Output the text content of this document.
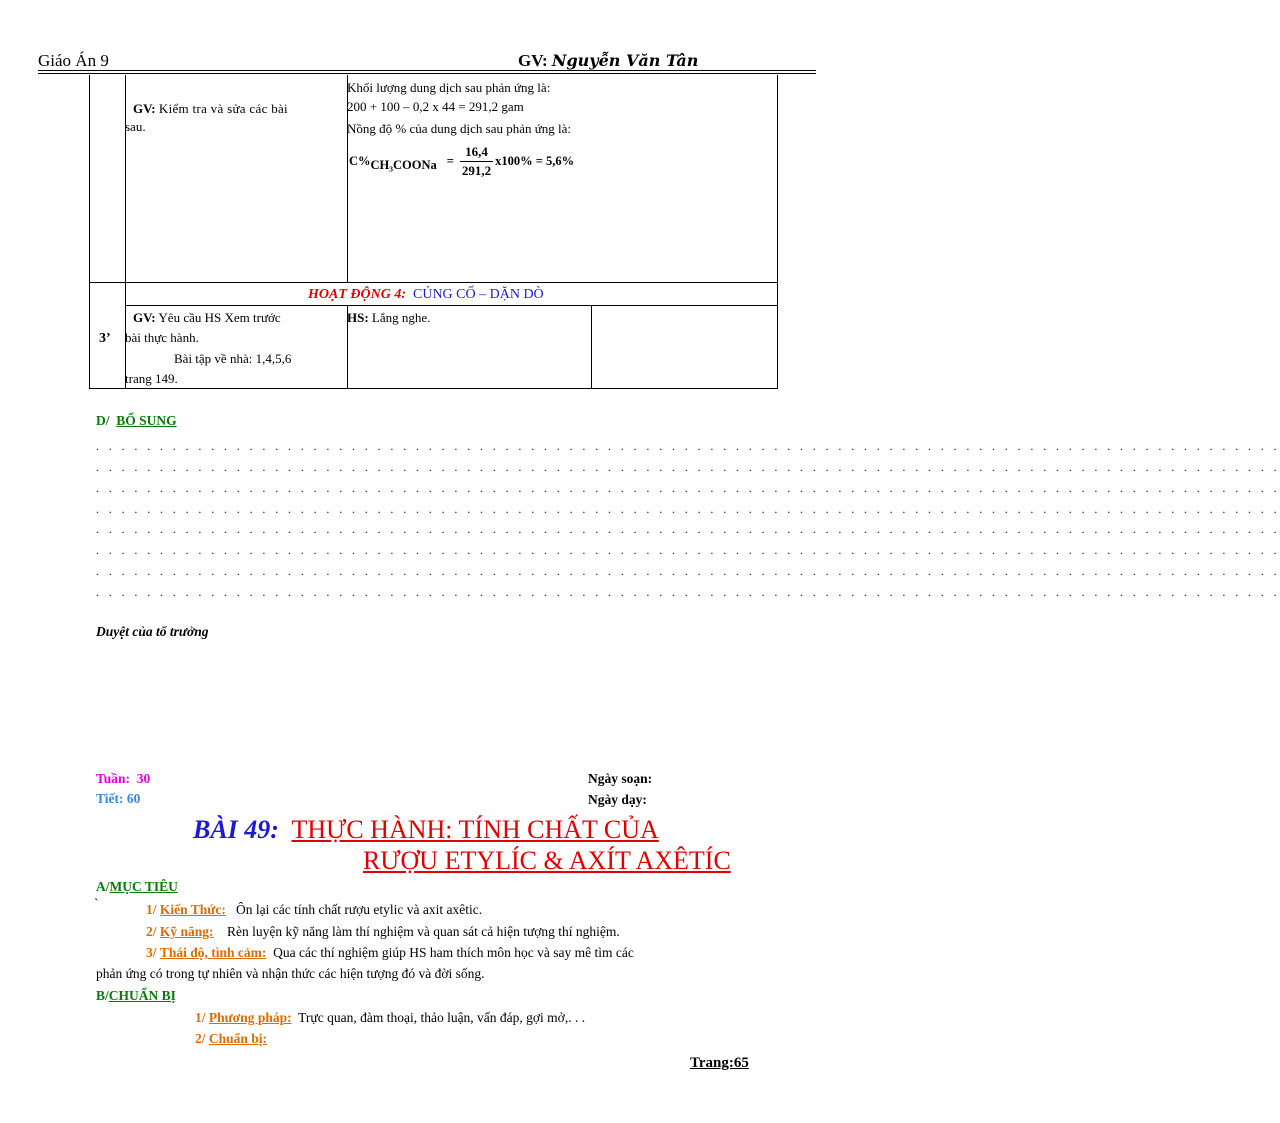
Giáo Án 9	GV: Nguyễn Văn Tân
GV: Kiểm tra và sửa các bài
sau.
Khối lượng dung dịch sau phản ứng là:
200 + 100 – 0,2 x 44 = 291,2 gam
Nồng độ % của dung dịch sau phản ứng là:
C% CH₃COONa = $\frac{16,4}{291,2} x100\% = 5,6\%$
HOẠT ĐỘNG 4: CỦNG CỐ – DẶN DÒ
3’
GV: Yêu cầu HS Xem trước
bài thực hành.
Bài tập về nhà: 1,4,5,6
trang 149.
HS: Lắng nghe.
D/ BỔ SUNG
. . . . . . . . . . . . . . . . . . . . . . . . . . . . . . . . . . . . . . . . . . . . . . . . . . . . . . . . . . . . . . . . . . . . . . . . . . . . . . . . . . . . . . . . . . . . .
. . . . . . . . . . . . . . . . . . . . . . . . . . . . . . . . . . . . . . . . . . . . . . . . . . . . . . . . . . . . . . . . . . . . . . . . . . . . . . . . . . . . . . . . . . . . .
. . . . . . . . . . . . . . . . . . . . . . . . . . . . . . . . . . . . . . . . . . . . . . . . . . . . . . . . . . . . . . . . . . . . . . . . . . . . . . . . . . . . . . . . . . . . .
. . . . . . . . . . . . . . . . . . . . . . . . . . . . . . . . . . . . . . . . . . . . . . . . . . . . . . . . . . . . . . . . . . . . . . . . . . . . . . . . . . . . . . . . . . . . .
. . . . . . . . . . . . . . . . . . . . . . . . . . . . . . . . . . . . . . . . . . . . . . . . . . . . . . . . . . . . . . . . . . . . . . . . . . . . . . . . . . . . . . . . . . . . .
. . . . . . . . . . . . . . . . . . . . . . . . . . . . . . . . . . . . . . . . . . . . . . . . . . . . . . . . . . . . . . . . . . . . . . . . . . . . . . . . . . . . . . . . . . . . .
. . . . . . . . . . . . . . . . . . . . . . . . . . . . . . . . . . . . . . . . . . . . . . . . . . . . . . . . . . . . . . . . . . . . . . . . . . . . . . . . . . . . . . . . . . . . .
. . . . . . . . . . . . . . . . . . . . . . . . . . . . . . . . . . . . . . . . . . . . . . . . . . . . . . . . . . . . . . . . . . . . . . . . . . . . . . . . . . . . . . . . . . . . .
Duyệt của tổ trưởng
Tuần: 30
Tiết: 60
Ngày soạn:
Ngày dạy:
BÀI 49: THỰC HÀNH: TÍNH CHẤT CỦA
RƯỢU ETYLÍC & AXÍT AXÊTÍC
A/MỤC TIÊU
`	1/ Kiến Thức: Ôn lại các tính chất rượu etylic và axit axêtic.
2/ Kỹ năng: Rèn luyện kỹ năng làm thí nghiệm và quan sát cả hiện tượng thí nghiệm.
3/ Thái độ, tình cảm: Qua các thí nghiệm giúp HS ham thích môn học và say mê tìm các
phản ứng có trong tự nhiên và nhận thức các hiện tượng đó và đời sống.
B/CHUẨN BỊ
1/ Phương pháp: Trực quan, đàm thoại, thảo luận, vấn đáp, gợi mở,. . .
2/ Chuẩn bị:
Trang:65
